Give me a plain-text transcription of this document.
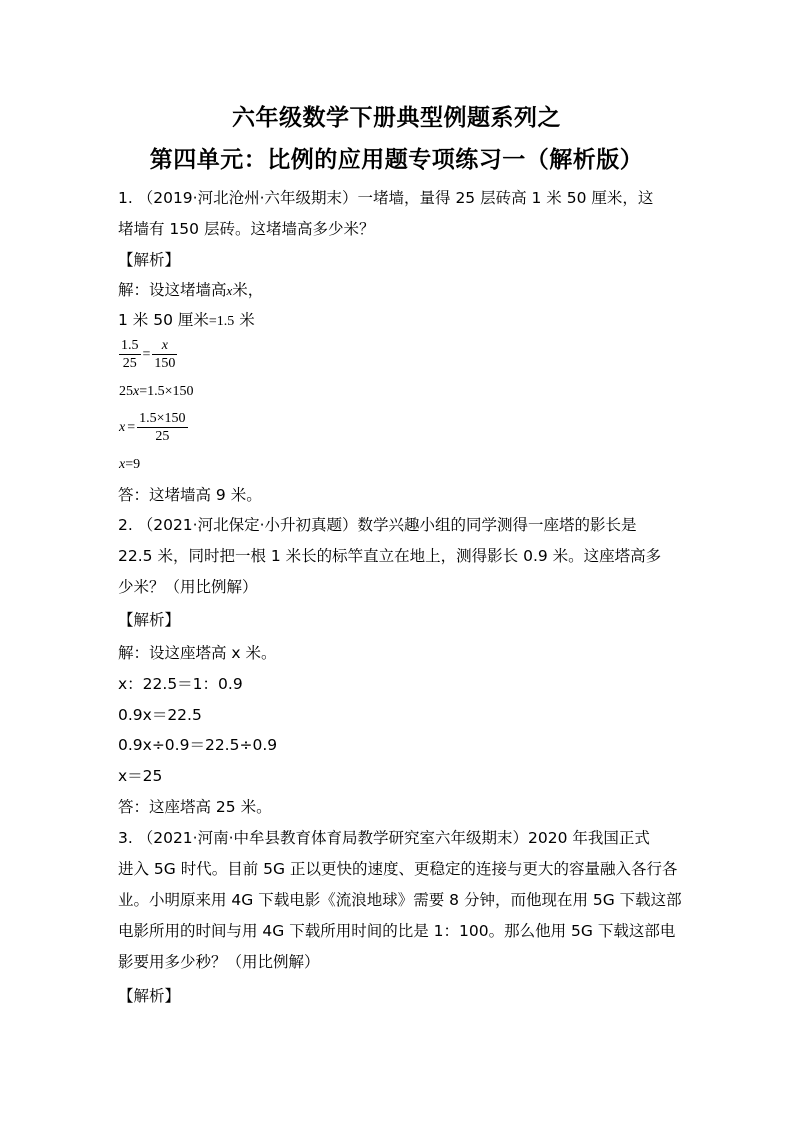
六年级数学下册典型例题系列之
第四单元：比例的应用题专项练习一（解析版）
1. （2019·河北沧州·六年级期末）一堵墙，量得 25 层砖高 1 米 50 厘米，这
堵墙有 150 层砖。这堵墙高多少米？
【解析】
解：设这堵墙高x米，
1 米 50 厘米=1.5 米
$\frac{1.5}{25} = \frac{x}{150}$
25x=1.5×150
$x = \frac{1.5\times 150}{25}$
x=9
答：这堵墙高 9 米。
2. （2021·河北保定·小升初真题）数学兴趣小组的同学测得一座塔的影长是
22.5 米，同时把一根 1 米长的标竿直立在地上，测得影长 0.9 米。这座塔高多
少米？（用比例解）
【解析】
解：设这座塔高 x 米。
x：22.5＝1：0.9
0.9x＝22.5
0.9x÷0.9＝22.5÷0.9
x＝25
答：这座塔高 25 米。
3. （2021·河南·中牟县教育体育局教学研究室六年级期末）2020 年我国正式
进入 5G 时代。目前 5G 正以更快的速度、更稳定的连接与更大的容量融入各行各
业。小明原来用 4G 下载电影《流浪地球》需要 8 分钟，而他现在用 5G 下载这部
电影所用的时间与用 4G 下载所用时间的比是 1：100。那么他用 5G 下载这部电
影要用多少秒？（用比例解）
【解析】
